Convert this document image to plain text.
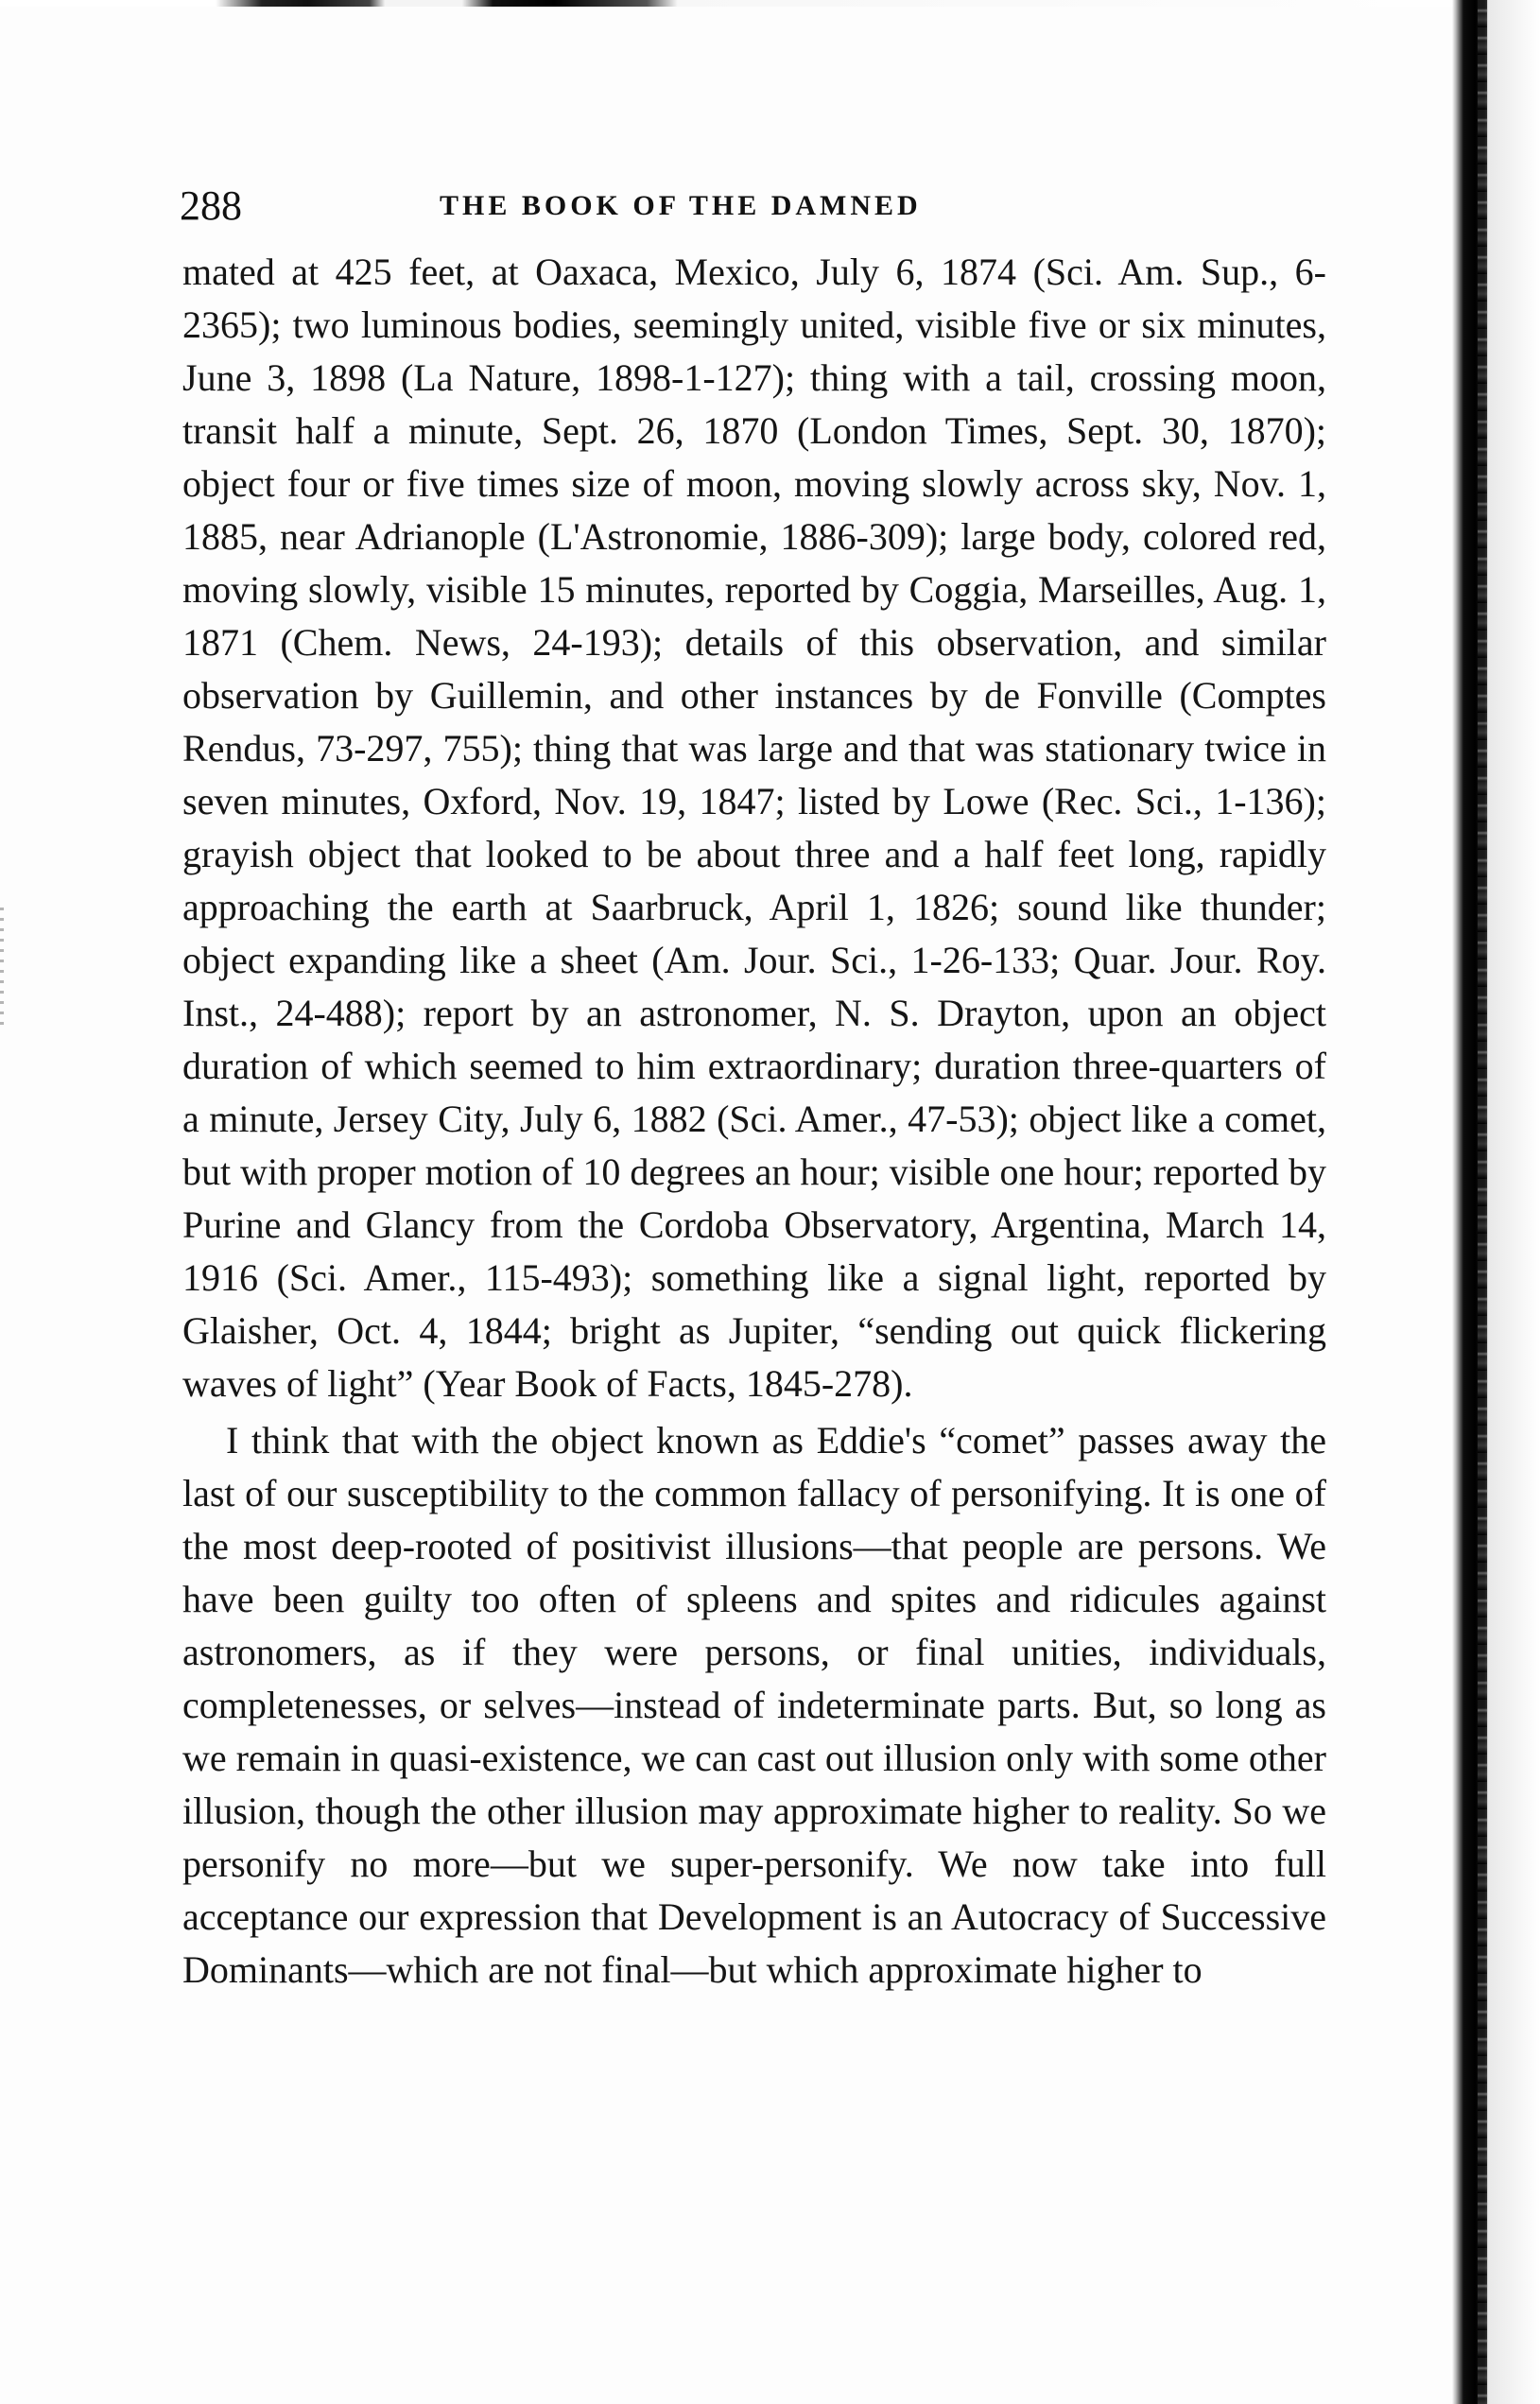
288	THE BOOK OF THE DAMNED

mated at 425 feet, at Oaxaca, Mexico, July 6, 1874 (Sci. Am. Sup., 6-2365); two luminous bodies, seemingly united, visible five or six minutes, June 3, 1898 (La Nature, 1898-1-127); thing with a tail, crossing moon, transit half a minute, Sept. 26, 1870 (London Times, Sept. 30, 1870); object four or five times size of moon, moving slowly across sky, Nov. 1, 1885, near Adrianople (L'Astronomie, 1886-309); large body, colored red, moving slowly, visible 15 minutes, reported by Coggia, Marseilles, Aug. 1, 1871 (Chem. News, 24-193); details of this observation, and similar observation by Guillemin, and other instances by de Fonville (Comptes Rendus, 73-297, 755); thing that was large and that was stationary twice in seven minutes, Oxford, Nov. 19, 1847; listed by Lowe (Rec. Sci., 1-136); grayish object that looked to be about three and a half feet long, rapidly approaching the earth at Saarbruck, April 1, 1826; sound like thunder; object expanding like a sheet (Am. Jour. Sci., 1-26-133; Quar. Jour. Roy. Inst., 24-488); report by an astronomer, N. S. Drayton, upon an object duration of which seemed to him extraordinary; duration three-quarters of a minute, Jersey City, July 6, 1882 (Sci. Amer., 47-53); object like a comet, but with proper motion of 10 degrees an hour; visible one hour; reported by Purine and Glancy from the Cordoba Observatory, Argentina, March 14, 1916 (Sci. Amer., 115-493); something like a signal light, reported by Glaisher, Oct. 4, 1844; bright as Jupiter, “sending out quick flickering waves of light” (Year Book of Facts, 1845-278).

I think that with the object known as Eddie's “comet” passes away the last of our susceptibility to the common fallacy of personifying. It is one of the most deep-rooted of positivist illusions—that people are persons. We have been guilty too often of spleens and spites and ridicules against astronomers, as if they were persons, or final unities, individuals, completenesses, or selves—instead of indeterminate parts. But, so long as we remain in quasi-existence, we can cast out illusion only with some other illusion, though the other illusion may approximate higher to reality. So we personify no more—but we super-personify. We now take into full acceptance our expression that Development is an Autocracy of Successive Dominants—which are not final—but which approximate higher to
